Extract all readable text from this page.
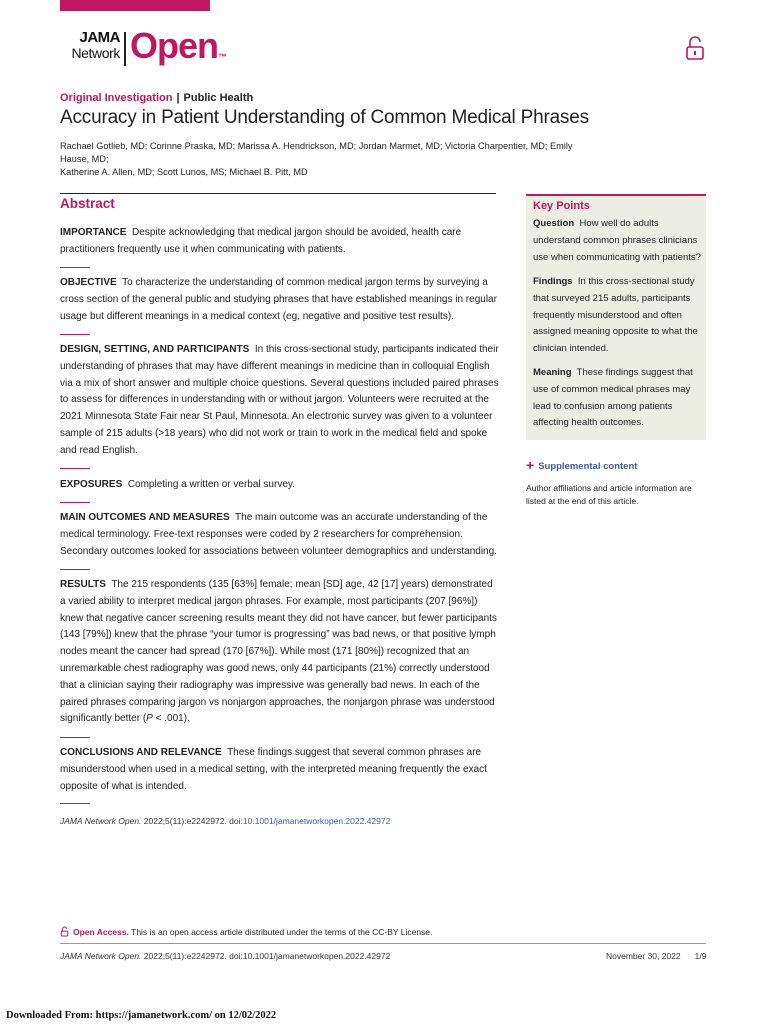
JAMA
Network Open™
Original Investigation | Public Health
Accuracy in Patient Understanding of Common Medical Phrases
Rachael Gotlieb, MD; Corinne Praska, MD; Marissa A. Hendrickson, MD; Jordan Marmet, MD; Victoria Charpentier, MD; Emily Hause, MD;
Katherine A. Allen, MD; Scott Lunos, MS; Michael B. Pitt, MD
Abstract
IMPORTANCE Despite acknowledging that medical jargon should be avoided, health care practitioners frequently use it when communicating with patients.
OBJECTIVE To characterize the understanding of common medical jargon terms by surveying a cross section of the general public and studying phrases that have established meanings in regular usage but different meanings in a medical context (eg, negative and positive test results).
DESIGN, SETTING, AND PARTICIPANTS In this cross-sectional study, participants indicated their understanding of phrases that may have different meanings in medicine than in colloquial English via a mix of short answer and multiple choice questions. Several questions included paired phrases to assess for differences in understanding with or without jargon. Volunteers were recruited at the 2021 Minnesota State Fair near St Paul, Minnesota. An electronic survey was given to a volunteer sample of 215 adults (>18 years) who did not work or train to work in the medical field and spoke and read English.
EXPOSURES Completing a written or verbal survey.
MAIN OUTCOMES AND MEASURES The main outcome was an accurate understanding of the medical terminology. Free-text responses were coded by 2 researchers for comprehension. Secondary outcomes looked for associations between volunteer demographics and understanding.
RESULTS The 215 respondents (135 [63%] female; mean [SD] age, 42 [17] years) demonstrated a varied ability to interpret medical jargon phrases. For example, most participants (207 [96%]) knew that negative cancer screening results meant they did not have cancer, but fewer participants (143 [79%]) knew that the phrase “your tumor is progressing” was bad news, or that positive lymph nodes meant the cancer had spread (170 [67%]). While most (171 [80%]) recognized that an unremarkable chest radiography was good news, only 44 participants (21%) correctly understood that a clinician saying their radiography was impressive was generally bad news. In each of the paired phrases comparing jargon vs nonjargon approaches, the nonjargon phrase was understood significantly better (P < .001).
CONCLUSIONS AND RELEVANCE These findings suggest that several common phrases are misunderstood when used in a medical setting, with the interpreted meaning frequently the exact opposite of what is intended.
JAMA Network Open. 2022;5(11):e2242972. doi:10.1001/jamanetworkopen.2022.42972
Key Points
Question How well do adults understand common phrases clinicians use when communicating with patients?
Findings In this cross-sectional study that surveyed 215 adults, participants frequently misunderstood and often assigned meaning opposite to what the clinician intended.
Meaning These findings suggest that use of common medical phrases may lead to confusion among patients affecting health outcomes.
+ Supplemental content
Author affiliations and article information are listed at the end of this article.
Open Access. This is an open access article distributed under the terms of the CC-BY License.
JAMA Network Open. 2022;5(11):e2242972. doi:10.1001/jamanetworkopen.2022.42972	November 30, 2022 1/9
Downloaded From: https://jamanetwork.com/ on 12/02/2022
